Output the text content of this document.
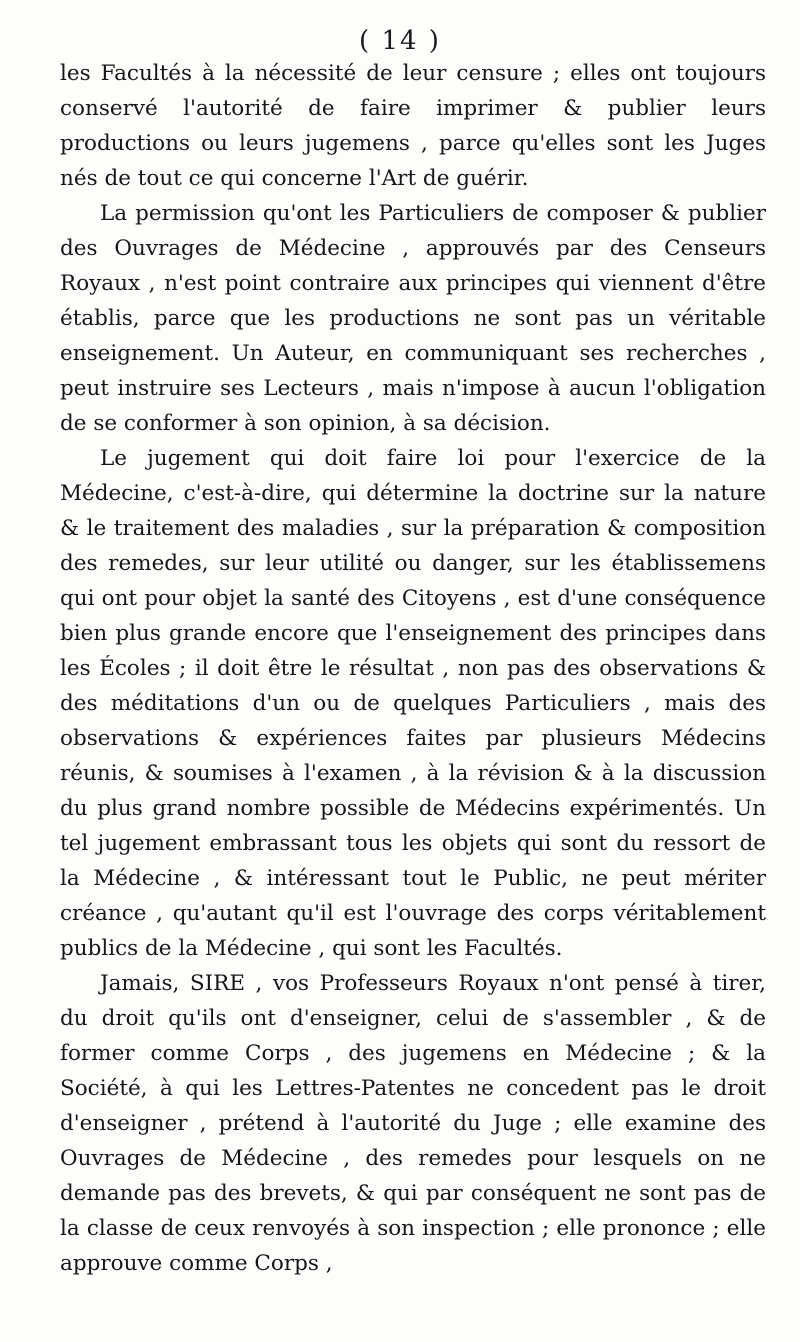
( 14 )

les Facultés à la nécessité de leur censure ; elles ont toujours conservé l'autorité de faire imprimer & publier leurs productions ou leurs jugemens , parce qu'elles sont les Juges nés de tout ce qui concerne l'Art de guérir.

La permission qu'ont les Particuliers de composer & publier des Ouvrages de Médecine , approuvés par des Censeurs Royaux , n'est point contraire aux principes qui viennent d'être établis, parce que les productions ne sont pas un véritable enseignement. Un Auteur, en communiquant ses recherches , peut instruire ses Lecteurs , mais n'impose à aucun l'obligation de se conformer à son opinion, à sa décision.

Le jugement qui doit faire loi pour l'exercice de la Médecine, c'est-à-dire, qui détermine la doctrine sur la nature & le traitement des maladies , sur la préparation & composition des remedes, sur leur utilité ou danger, sur les établissemens qui ont pour objet la santé des Citoyens , est d'une conséquence bien plus grande encore que l'enseignement des principes dans les Écoles ; il doit être le résultat , non pas des observations & des méditations d'un ou de quelques Particuliers , mais des observations & expériences faites par plusieurs Médecins réunis, & soumises à l'examen , à la révision & à la discussion du plus grand nombre possible de Médecins expérimentés. Un tel jugement embrassant tous les objets qui sont du ressort de la Médecine , & intéressant tout le Public, ne peut mériter créance , qu'autant qu'il est l'ouvrage des corps véritablement publics de la Médecine , qui sont les Facultés.

Jamais, SIRE , vos Professeurs Royaux n'ont pensé à tirer, du droit qu'ils ont d'enseigner, celui de s'assembler , & de former comme Corps , des jugemens en Médecine ; & la Société, à qui les Lettres-Patentes ne concedent pas le droit d'enseigner , prétend à l'autorité du Juge ; elle examine des Ouvrages de Médecine , des remedes pour lesquels on ne demande pas des brevets, & qui par conséquent ne sont pas de la classe de ceux renvoyés à son inspection ; elle prononce ; elle approuve comme Corps ,
